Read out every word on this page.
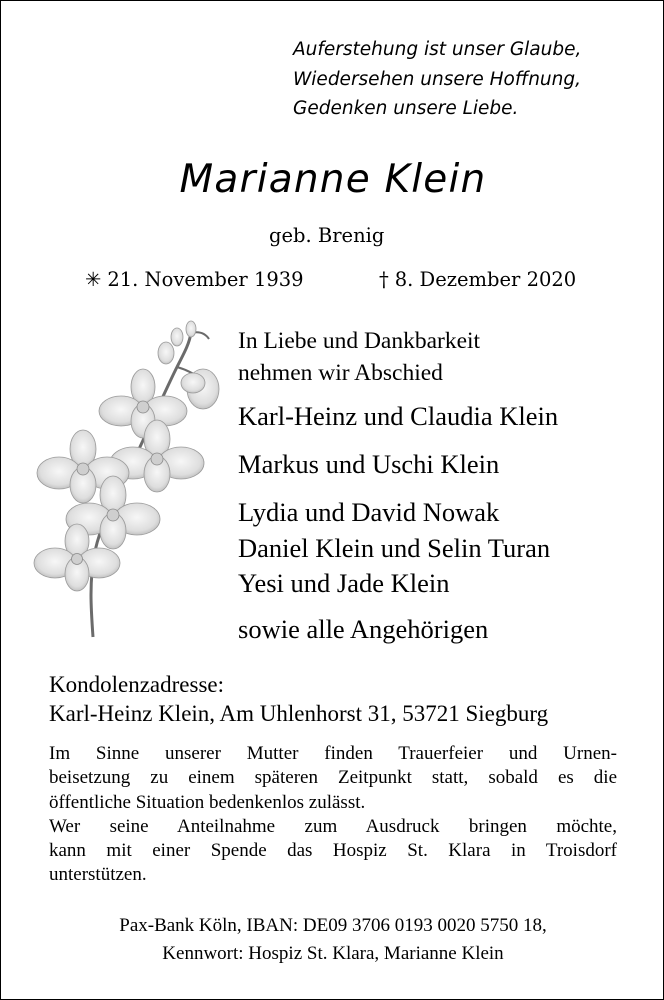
Auferstehung ist unser Glaube,
Wiedersehen unsere Hoffnung,
Gedenken unsere Liebe.
Marianne Klein
geb. Brenig
✳ 21. November 1939	† 8. Dezember 2020
In Liebe und Dankbarkeit
nehmen wir Abschied
Karl-Heinz und Claudia Klein
Markus und Uschi Klein
Lydia und David Nowak
Daniel Klein und Selin Turan
Yesi und Jade Klein
sowie alle Angehörigen
Kondolenzadresse:
Karl-Heinz Klein, Am Uhlenhorst 31, 53721 Siegburg
Im Sinne unserer Mutter finden Trauerfeier und Urnen-
beisetzung zu einem späteren Zeitpunkt statt, sobald es die
öffentliche Situation bedenkenlos zulässt.
Wer seine Anteilnahme zum Ausdruck bringen möchte,
kann mit einer Spende das Hospiz St. Klara in Troisdorf
unterstützen.
Pax-Bank Köln, IBAN: DE09 3706 0193 0020 5750 18,
Kennwort: Hospiz St. Klara, Marianne Klein
